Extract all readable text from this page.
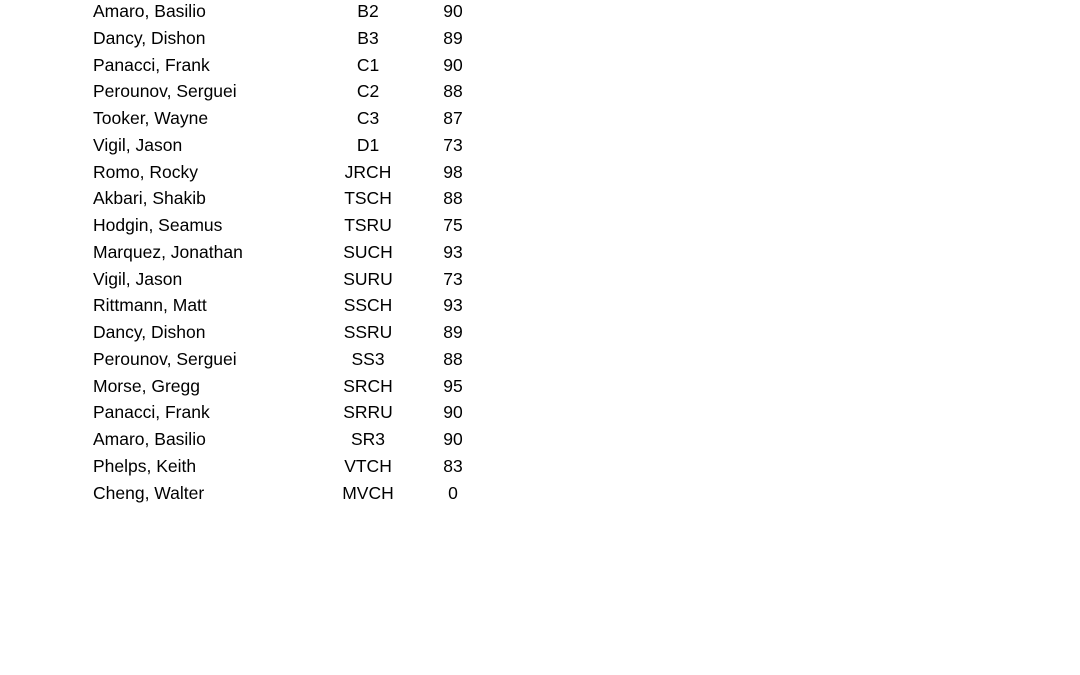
Amaro, Basilio	B2	90
Dancy, Dishon	B3	89
Panacci, Frank	C1	90
Perounov, Serguei	C2	88
Tooker, Wayne	C3	87
Vigil, Jason	D1	73
Romo, Rocky	JRCH	98
Akbari, Shakib	TSCH	88
Hodgin, Seamus	TSRU	75
Marquez, Jonathan	SUCH	93
Vigil, Jason	SURU	73
Rittmann, Matt	SSCH	93
Dancy, Dishon	SSRU	89
Perounov, Serguei	SS3	88
Morse, Gregg	SRCH	95
Panacci, Frank	SRRU	90
Amaro, Basilio	SR3	90
Phelps, Keith	VTCH	83
Cheng, Walter	MVCH	0
